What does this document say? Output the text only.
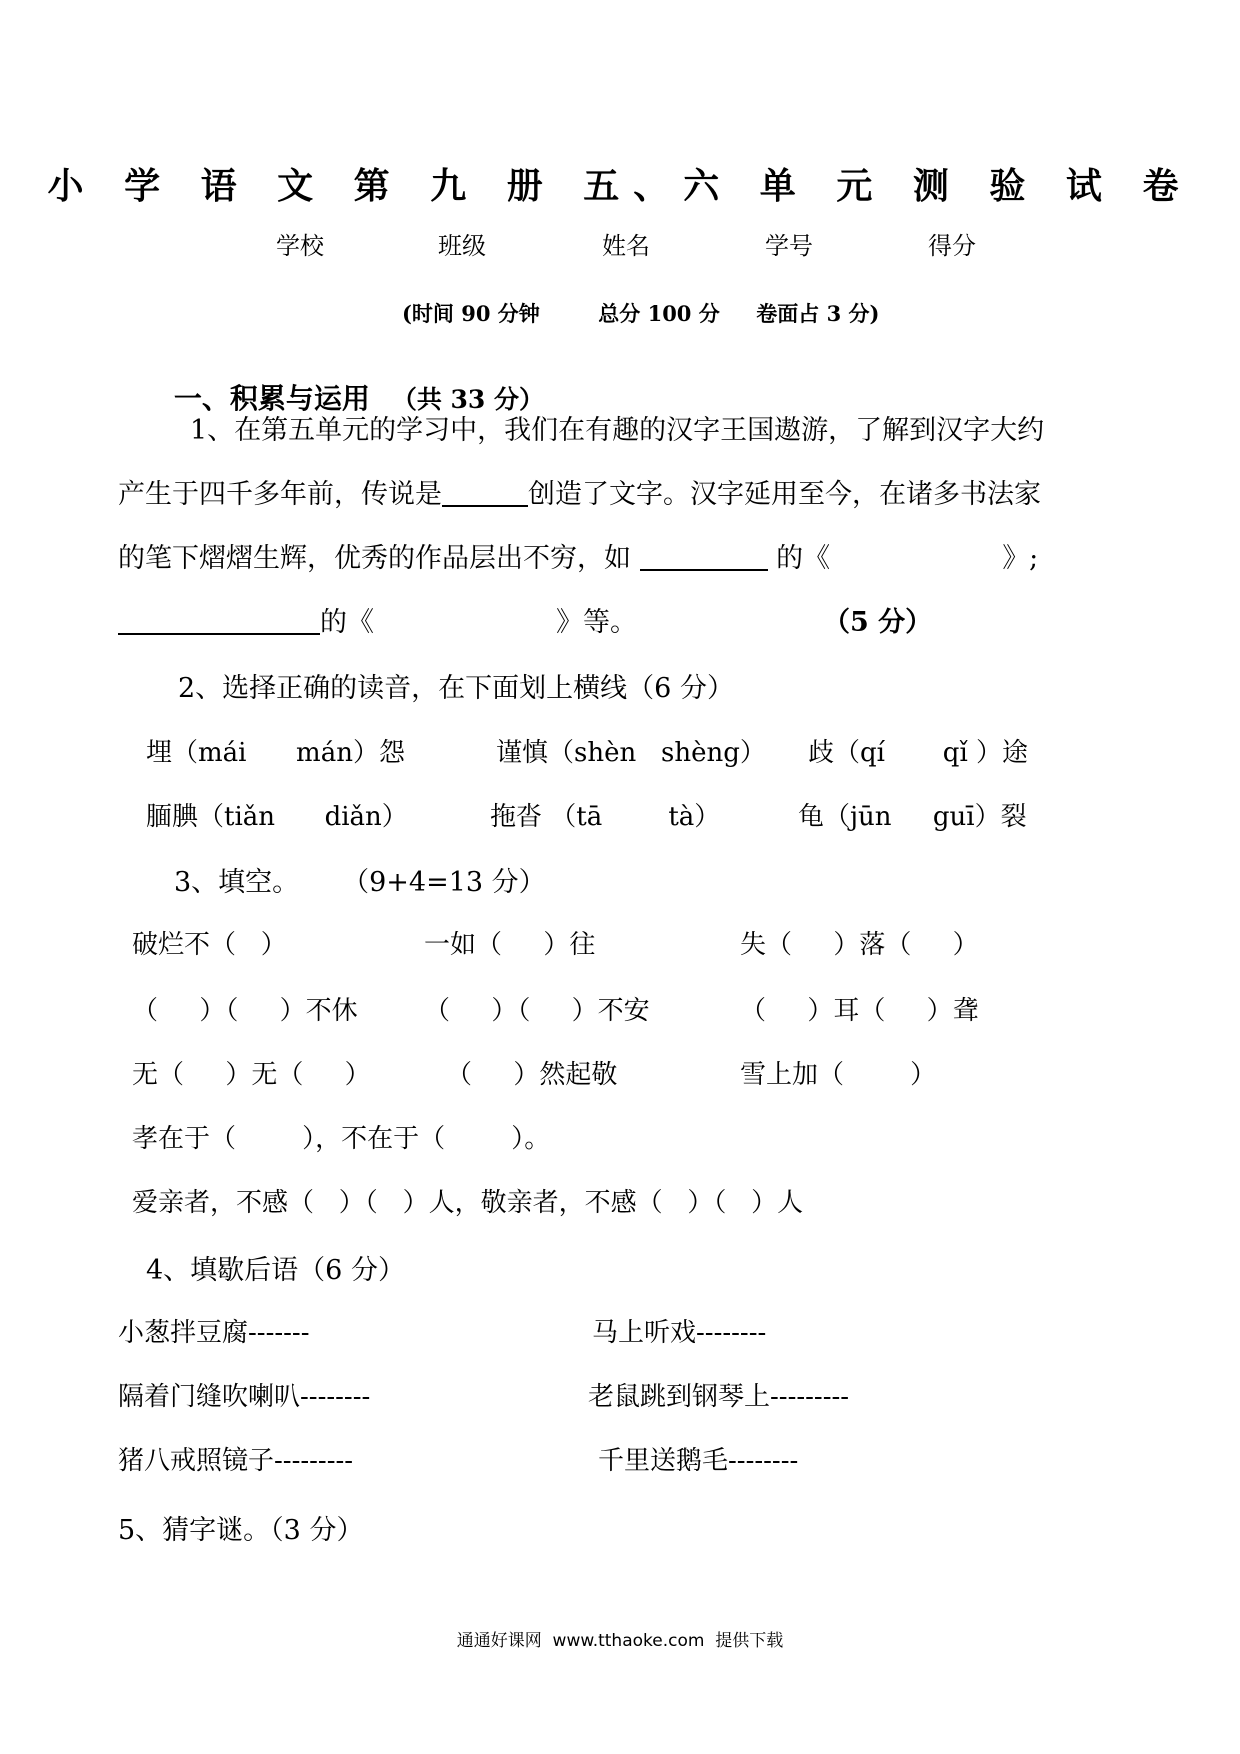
小 学 语 文 第 九 册 五、六 单 元 测 验 试 卷
学校	班级	姓名	学号	得分
(时间 90 分钟        总分 100 分     卷面占 3 分)

一、积累与运用 （共 33 分）

1、在第五单元的学习中，我们在有趣的汉字王国遨游，了解到汉字大约
产生于四千多年前，传说是	创造了文字。汉字延用至今，在诸多书法家
的笔下熠熠生辉，优秀的作品层出不穷，如	的《	》;
的《	》等。	（5 分）
2、选择正确的读音，在下面划上横线（6 分）
埋（mái      mán）怨	谨慎（shèn   shèng） 歧（qí       qǐ ）途
腼腆（tiǎn      diǎn）	拖沓 （tā        tà）	龟（jūn     guī）裂
3、填空。     （9+4=13 分）
破烂不（   ）	一如（     ）往	失（     ）落（     ）
（     ）（     ）不休	（     ）（     ）不安	（     ）耳（     ）聋
无（     ）无（     ）	（     ）然起敬	雪上加（        ）
孝在于（        ），不在于（        ）。
爱亲者，不感（   ）（   ）人，敬亲者，不感（   ）（   ）人
4、填歇后语（6 分）
小葱拌豆腐-------	马上听戏--------
隔着门缝吹喇叭--------	老鼠跳到钢琴上---------
猪八戒照镜子---------	千里送鹅毛--------
5、猜字谜。（3 分）
通通好课网  www.tthaoke.com  提供下载
